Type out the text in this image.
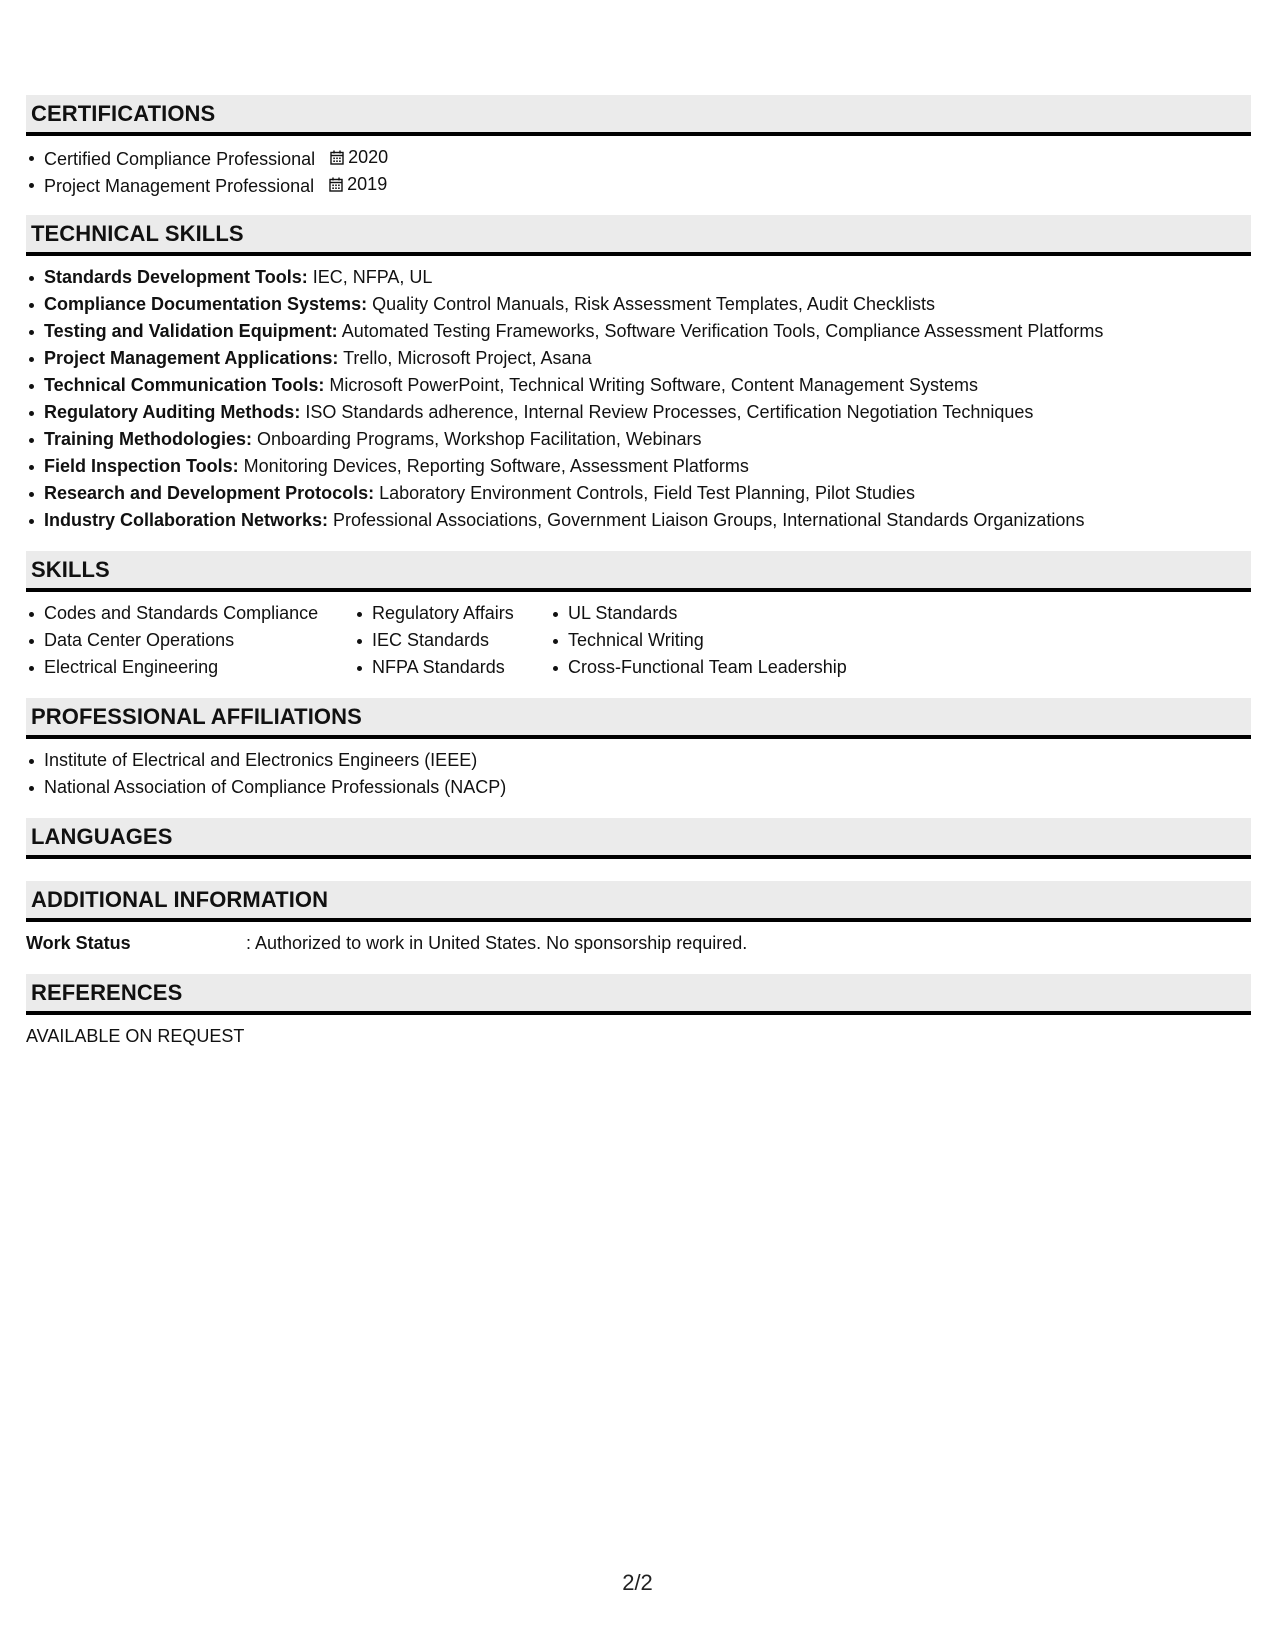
CERTIFICATIONS
Certified Compliance Professional 2020
Project Management Professional 2019
TECHNICAL SKILLS
Standards Development Tools: IEC, NFPA, UL
Compliance Documentation Systems: Quality Control Manuals, Risk Assessment Templates, Audit Checklists
Testing and Validation Equipment: Automated Testing Frameworks, Software Verification Tools, Compliance Assessment Platforms
Project Management Applications: Trello, Microsoft Project, Asana
Technical Communication Tools: Microsoft PowerPoint, Technical Writing Software, Content Management Systems
Regulatory Auditing Methods: ISO Standards adherence, Internal Review Processes, Certification Negotiation Techniques
Training Methodologies: Onboarding Programs, Workshop Facilitation, Webinars
Field Inspection Tools: Monitoring Devices, Reporting Software, Assessment Platforms
Research and Development Protocols: Laboratory Environment Controls, Field Test Planning, Pilot Studies
Industry Collaboration Networks: Professional Associations, Government Liaison Groups, International Standards Organizations
SKILLS
Codes and Standards Compliance
Data Center Operations
Electrical Engineering
Regulatory Affairs
IEC Standards
NFPA Standards
UL Standards
Technical Writing
Cross-Functional Team Leadership
PROFESSIONAL AFFILIATIONS
Institute of Electrical and Electronics Engineers (IEEE)
National Association of Compliance Professionals (NACP)
LANGUAGES
ADDITIONAL INFORMATION
Work Status	: Authorized to work in United States. No sponsorship required.
REFERENCES
AVAILABLE ON REQUEST
2/2
